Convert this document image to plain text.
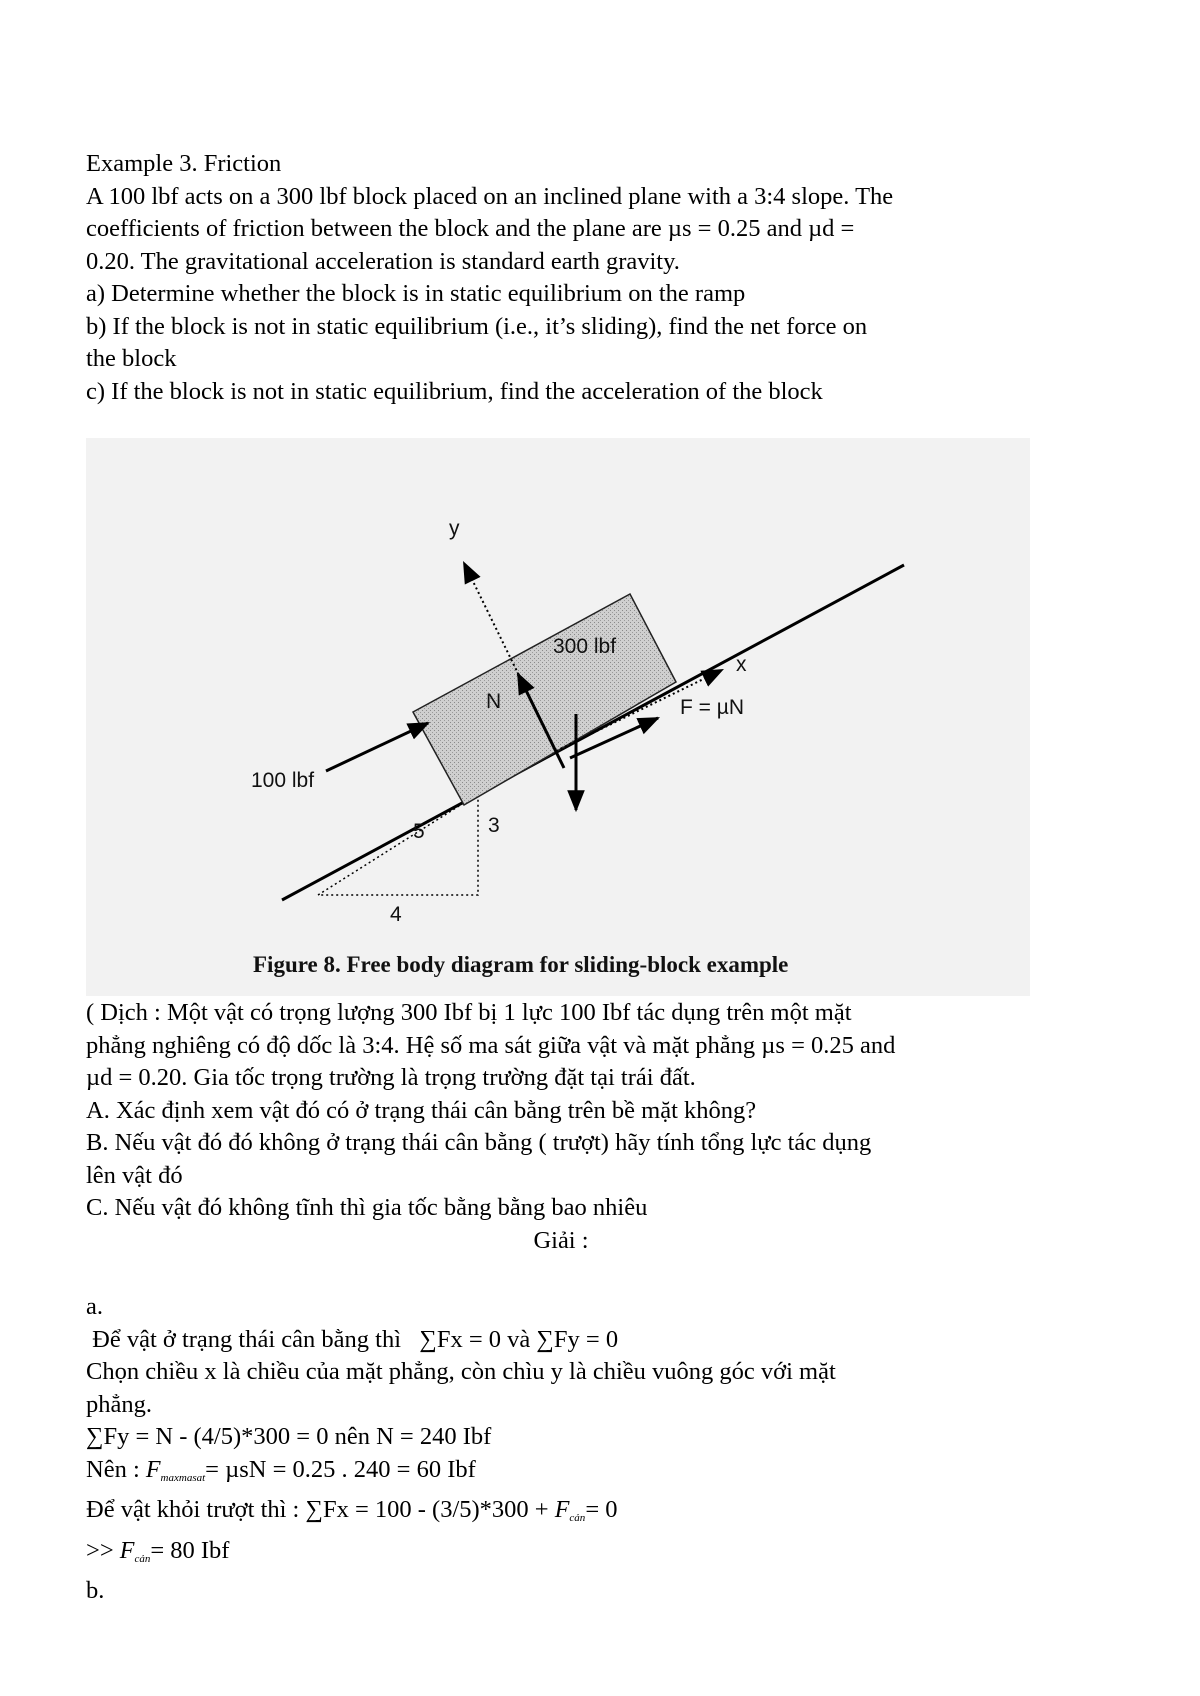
Example 3. Friction
A 100 lbf acts on a 300 lbf block placed on an inclined plane with a 3:4 slope. The
coefficients of friction between the block and the plane are µs = 0.25 and µd =
0.20. The gravitational acceleration is standard earth gravity.
a) Determine whether the block is in static equilibrium on the ramp
b) If the block is not in static equilibrium (i.e., it’s sliding), find the net force on
the block
c) If the block is not in static equilibrium, find the acceleration of the block
y
x
300 lbf
N	F = µN
100 lbf
5	3
4
Figure 8. Free body diagram for sliding-block example
( Dịch : Một vật có trọng lượng 300 Ibf bị 1 lực 100 Ibf tác dụng trên một mặt
phẳng nghiêng có độ dốc là 3:4. Hệ số ma sát giữa vật và mặt phẳng µs = 0.25 and
µd = 0.20. Gia tốc trọng trường là trọng trường đặt tại trái đất.
A. Xác định xem vật đó có ở trạng thái cân bằng trên bề mặt không?
B. Nếu vật đó đó không ở trạng thái cân bằng ( trượt) hãy tính tổng lực tác dụng
lên vật đó
C. Nếu vật đó không tĩnh thì gia tốc bằng bằng bao nhiêu
Giải :
a.
Để vật ở trạng thái cân bằng thì   ∑Fx = 0 và ∑Fy = 0
Chọn chiều x là chiều của mặt phẳng, còn chìu y là chiều vuông góc với mặt
phẳng.
∑Fy = N - (4/5)*300 = 0 nên N = 240 Ibf
Nên : Fmaxmasat= µsN = 0.25 . 240 = 60 Ibf
Để vật khỏi trượt thì : ∑Fx = 100 - (3/5)*300 + Fcản= 0
>> Fcản= 80 Ibf
b.
